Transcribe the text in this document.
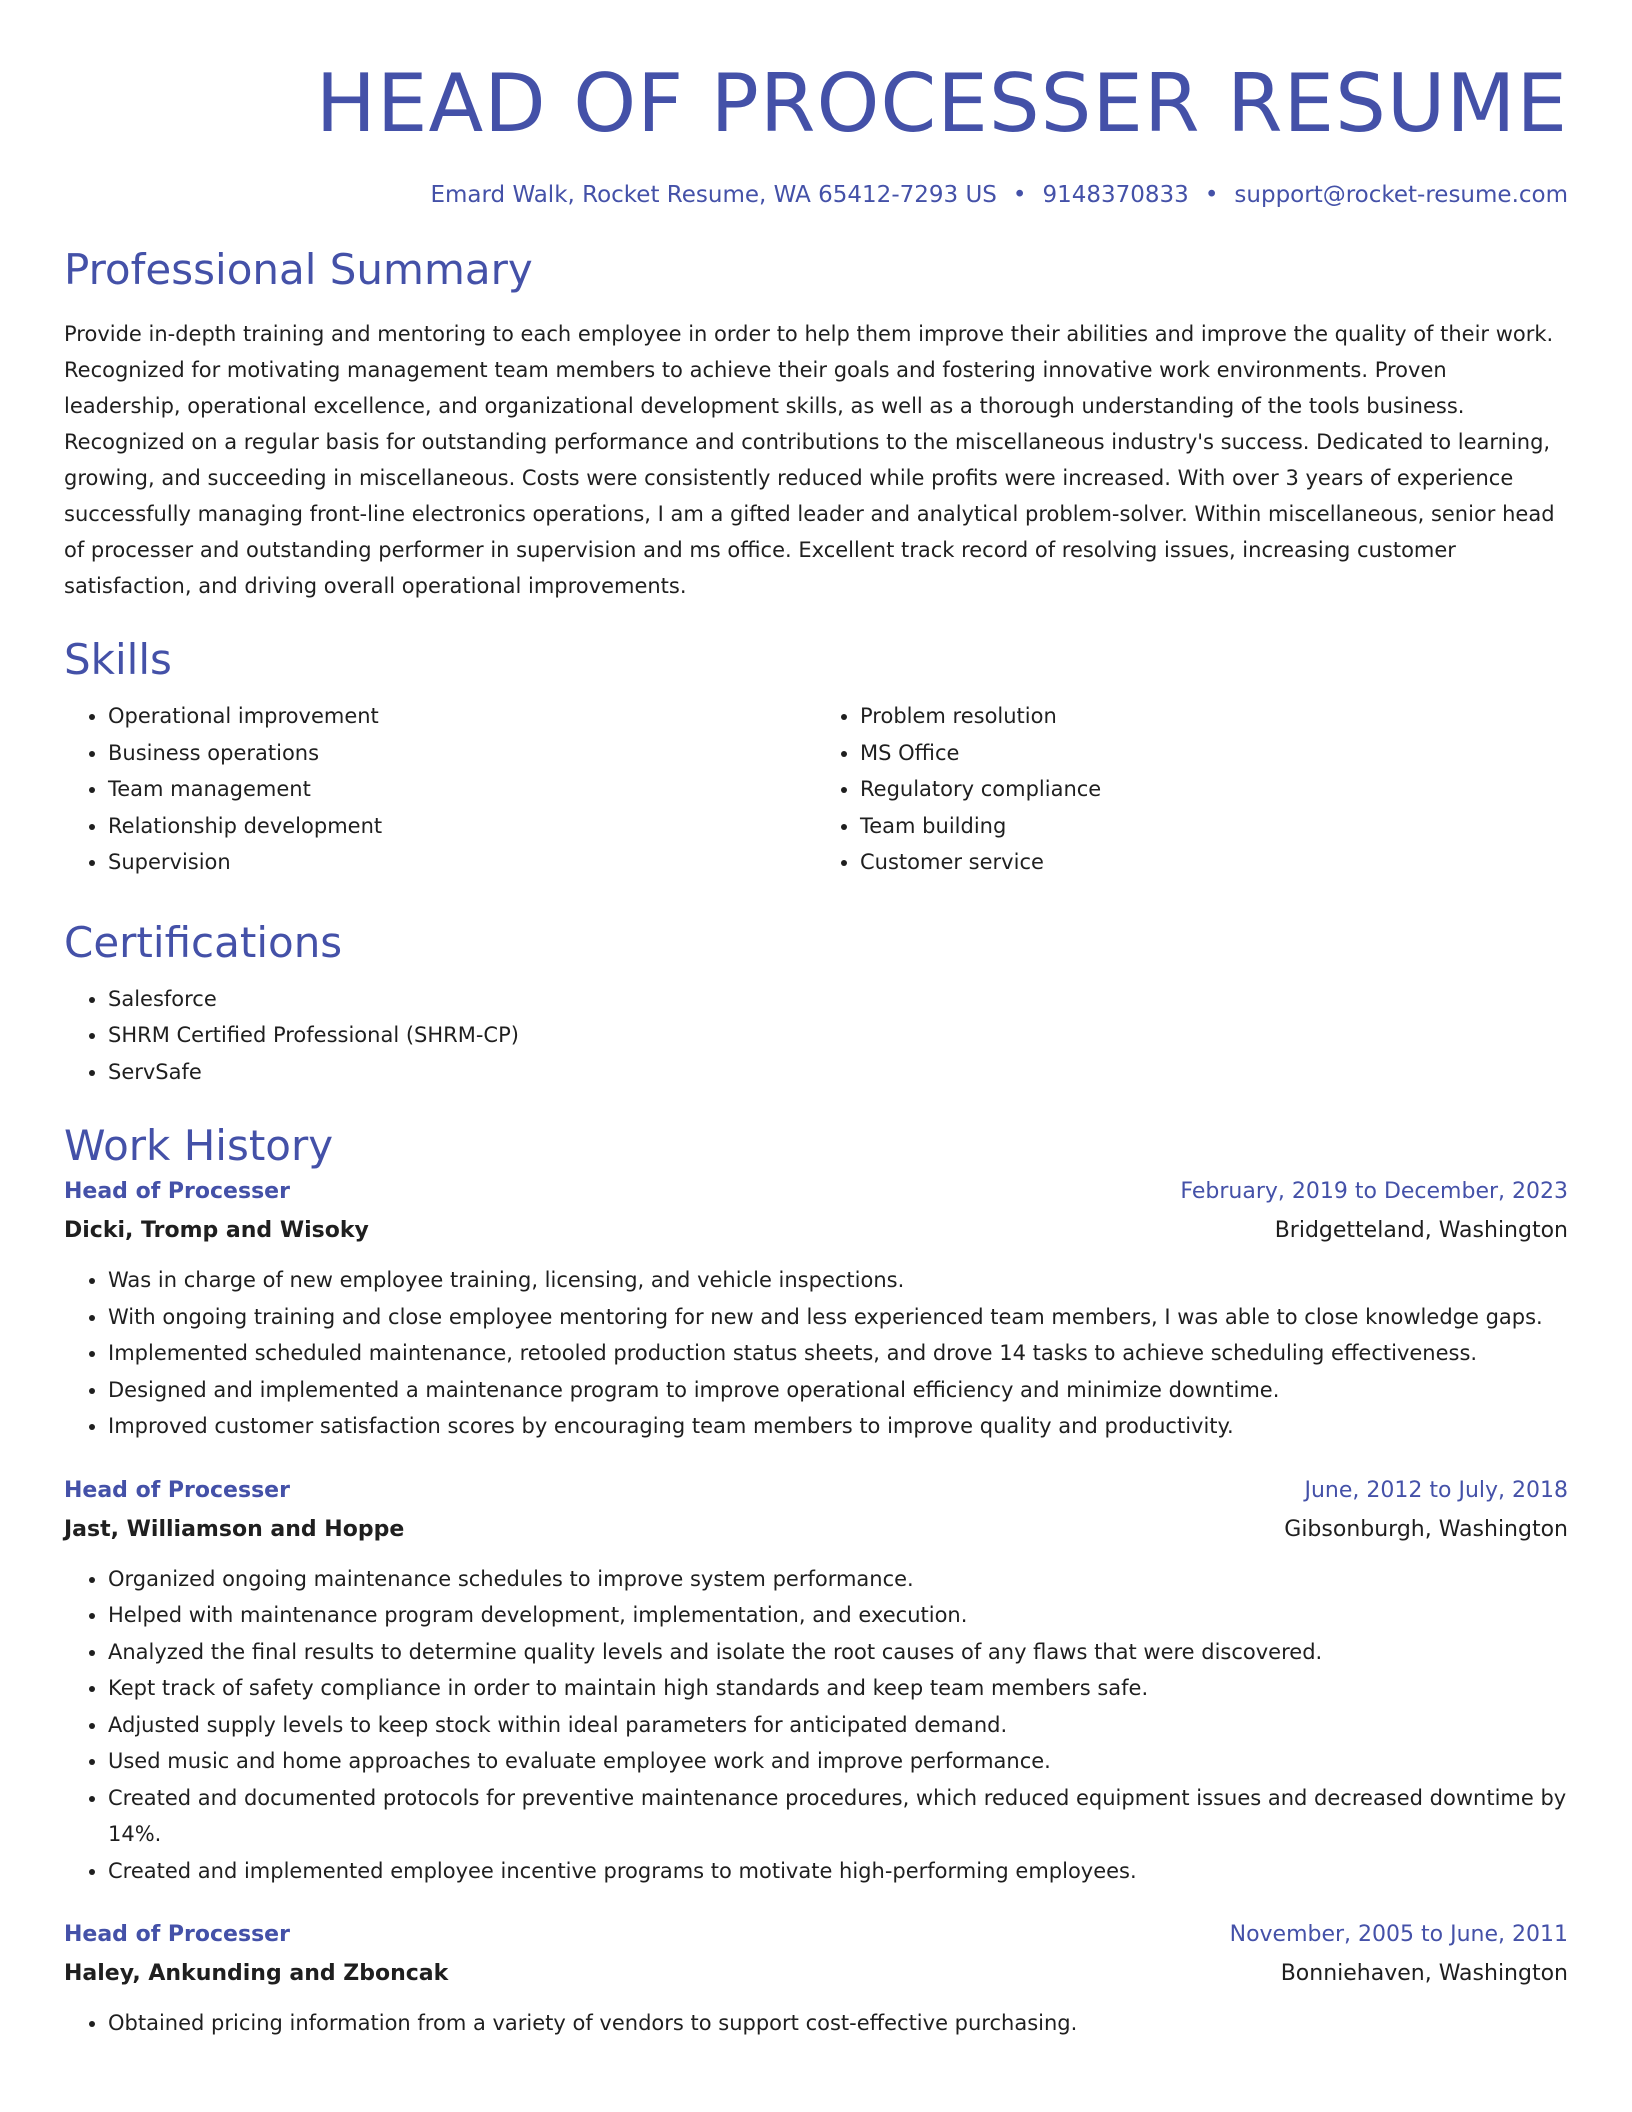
HEAD OF PROCESSER RESUME
Emard Walk, Rocket Resume, WA 65412-7293 US • 9148370833 • support@rocket-resume.com
Professional Summary

Provide in-depth training and mentoring to each employee in order to help them improve their abilities and improve the quality of their work. Recognized for motivating management team members to achieve their goals and fostering innovative work environments. Proven leadership, operational excellence, and organizational development skills, as well as a thorough understanding of the tools business. Recognized on a regular basis for outstanding performance and contributions to the miscellaneous industry's success. Dedicated to learning, growing, and succeeding in miscellaneous. Costs were consistently reduced while profits were increased. With over 3 years of experience successfully managing front-line electronics operations, I am a gifted leader and analytical problem-solver. Within miscellaneous, senior head of processer and outstanding performer in supervision and ms office. Excellent track record of resolving issues, increasing customer satisfaction, and driving overall operational improvements.

Skills
• Operational improvement
• Business operations
• Team management
• Relationship development
• Supervision
• Problem resolution
• MS Office
• Regulatory compliance
• Team building
• Customer service
Certifications
• Salesforce
• SHRM Certified Professional (SHRM-CP)
• ServSafe
Work History
Head of Processer	February, 2019 to December, 2023
Dicki, Tromp and Wisoky	Bridgetteland, Washington
• Was in charge of new employee training, licensing, and vehicle inspections.
• With ongoing training and close employee mentoring for new and less experienced team members, I was able to close knowledge gaps.
• Implemented scheduled maintenance, retooled production status sheets, and drove 14 tasks to achieve scheduling effectiveness.
• Designed and implemented a maintenance program to improve operational efficiency and minimize downtime.
• Improved customer satisfaction scores by encouraging team members to improve quality and productivity.
Head of Processer	June, 2012 to July, 2018
Jast, Williamson and Hoppe	Gibsonburgh, Washington
• Organized ongoing maintenance schedules to improve system performance.
• Helped with maintenance program development, implementation, and execution.
• Analyzed the final results to determine quality levels and isolate the root causes of any flaws that were discovered.
• Kept track of safety compliance in order to maintain high standards and keep team members safe.
• Adjusted supply levels to keep stock within ideal parameters for anticipated demand.
• Used music and home approaches to evaluate employee work and improve performance.
• Created and documented protocols for preventive maintenance procedures, which reduced equipment issues and decreased downtime by 14%.
• Created and implemented employee incentive programs to motivate high-performing employees.
Head of Processer	November, 2005 to June, 2011
Haley, Ankunding and Zboncak	Bonniehaven, Washington
• Obtained pricing information from a variety of vendors to support cost-effective purchasing.
